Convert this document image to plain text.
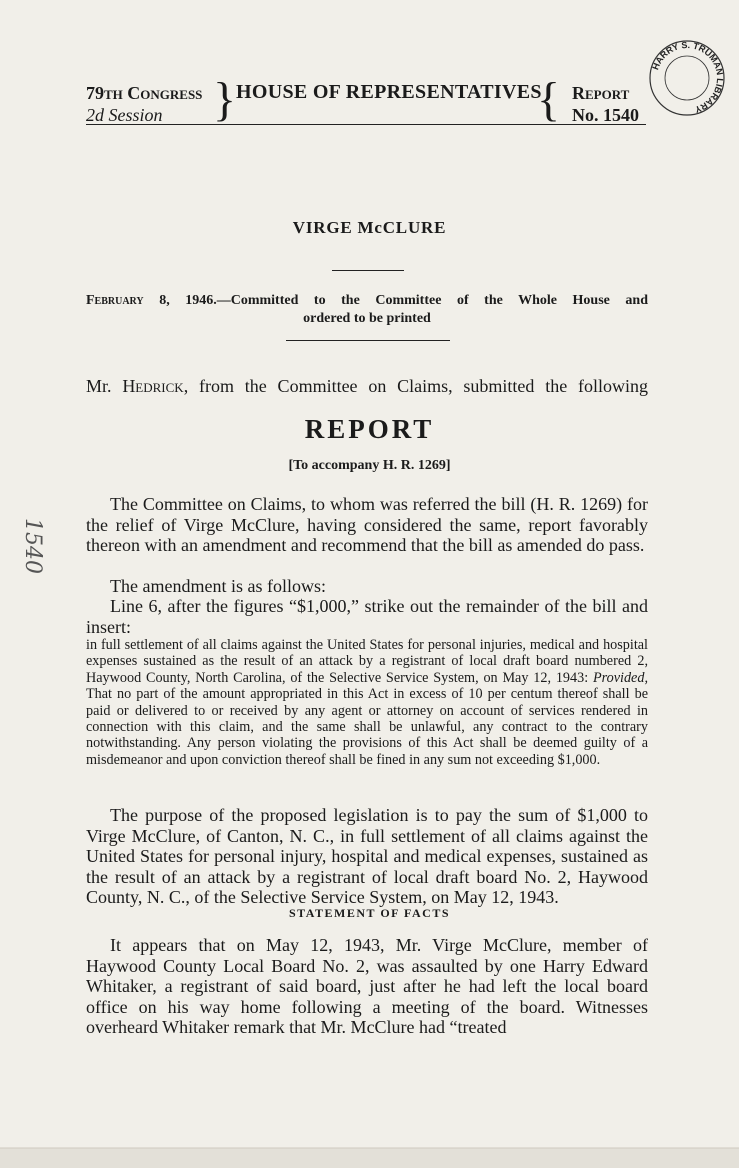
79th Congress
2d Session	} HOUSE OF REPRESENTATIVES
{ Report
No. 1540
HARRY S. TRUMAN LIBRARY
VIRGE McCLURE
February 8, 1946.—Committed to the Committee of the Whole House and
ordered to be printed
Mr. Hedrick, from the Committee on Claims, submitted the following
REPORT
[To accompany H. R. 1269]
The Committee on Claims, to whom was referred the bill (H. R. 1269) for the relief of Virge McClure, having considered the same, report favorably thereon with an amendment and recommend that the bill as amended do pass.
The amendment is as follows:
Line 6, after the figures “$1,000,” strike out the remainder of the bill and insert:
in full settlement of all claims against the United States for personal injuries, medical and hospital expenses sustained as the result of an attack by a registrant of local draft board numbered 2, Haywood County, North Carolina, of the Selective Service System, on May 12, 1943: Provided, That no part of the amount appropriated in this Act in excess of 10 per centum thereof shall be paid or delivered to or received by any agent or attorney on account of services rendered in connection with this claim, and the same shall be unlawful, any contract to the contrary notwithstanding. Any person violating the provisions of this Act shall be deemed guilty of a misdemeanor and upon conviction thereof shall be fined in any sum not exceeding $1,000.
The purpose of the proposed legislation is to pay the sum of $1,000 to Virge McClure, of Canton, N. C., in full settlement of all claims against the United States for personal injury, hospital and medical expenses, sustained as the result of an attack by a registrant of local draft board No. 2, Haywood County, N. C., of the Selective Service System, on May 12, 1943.
STATEMENT OF FACTS
It appears that on May 12, 1943, Mr. Virge McClure, member of Haywood County Local Board No. 2, was assaulted by one Harry Edward Whitaker, a registrant of said board, just after he had left the local board office on his way home following a meeting of the board. Witnesses overheard Whitaker remark that Mr. McClure had “treated
1540
